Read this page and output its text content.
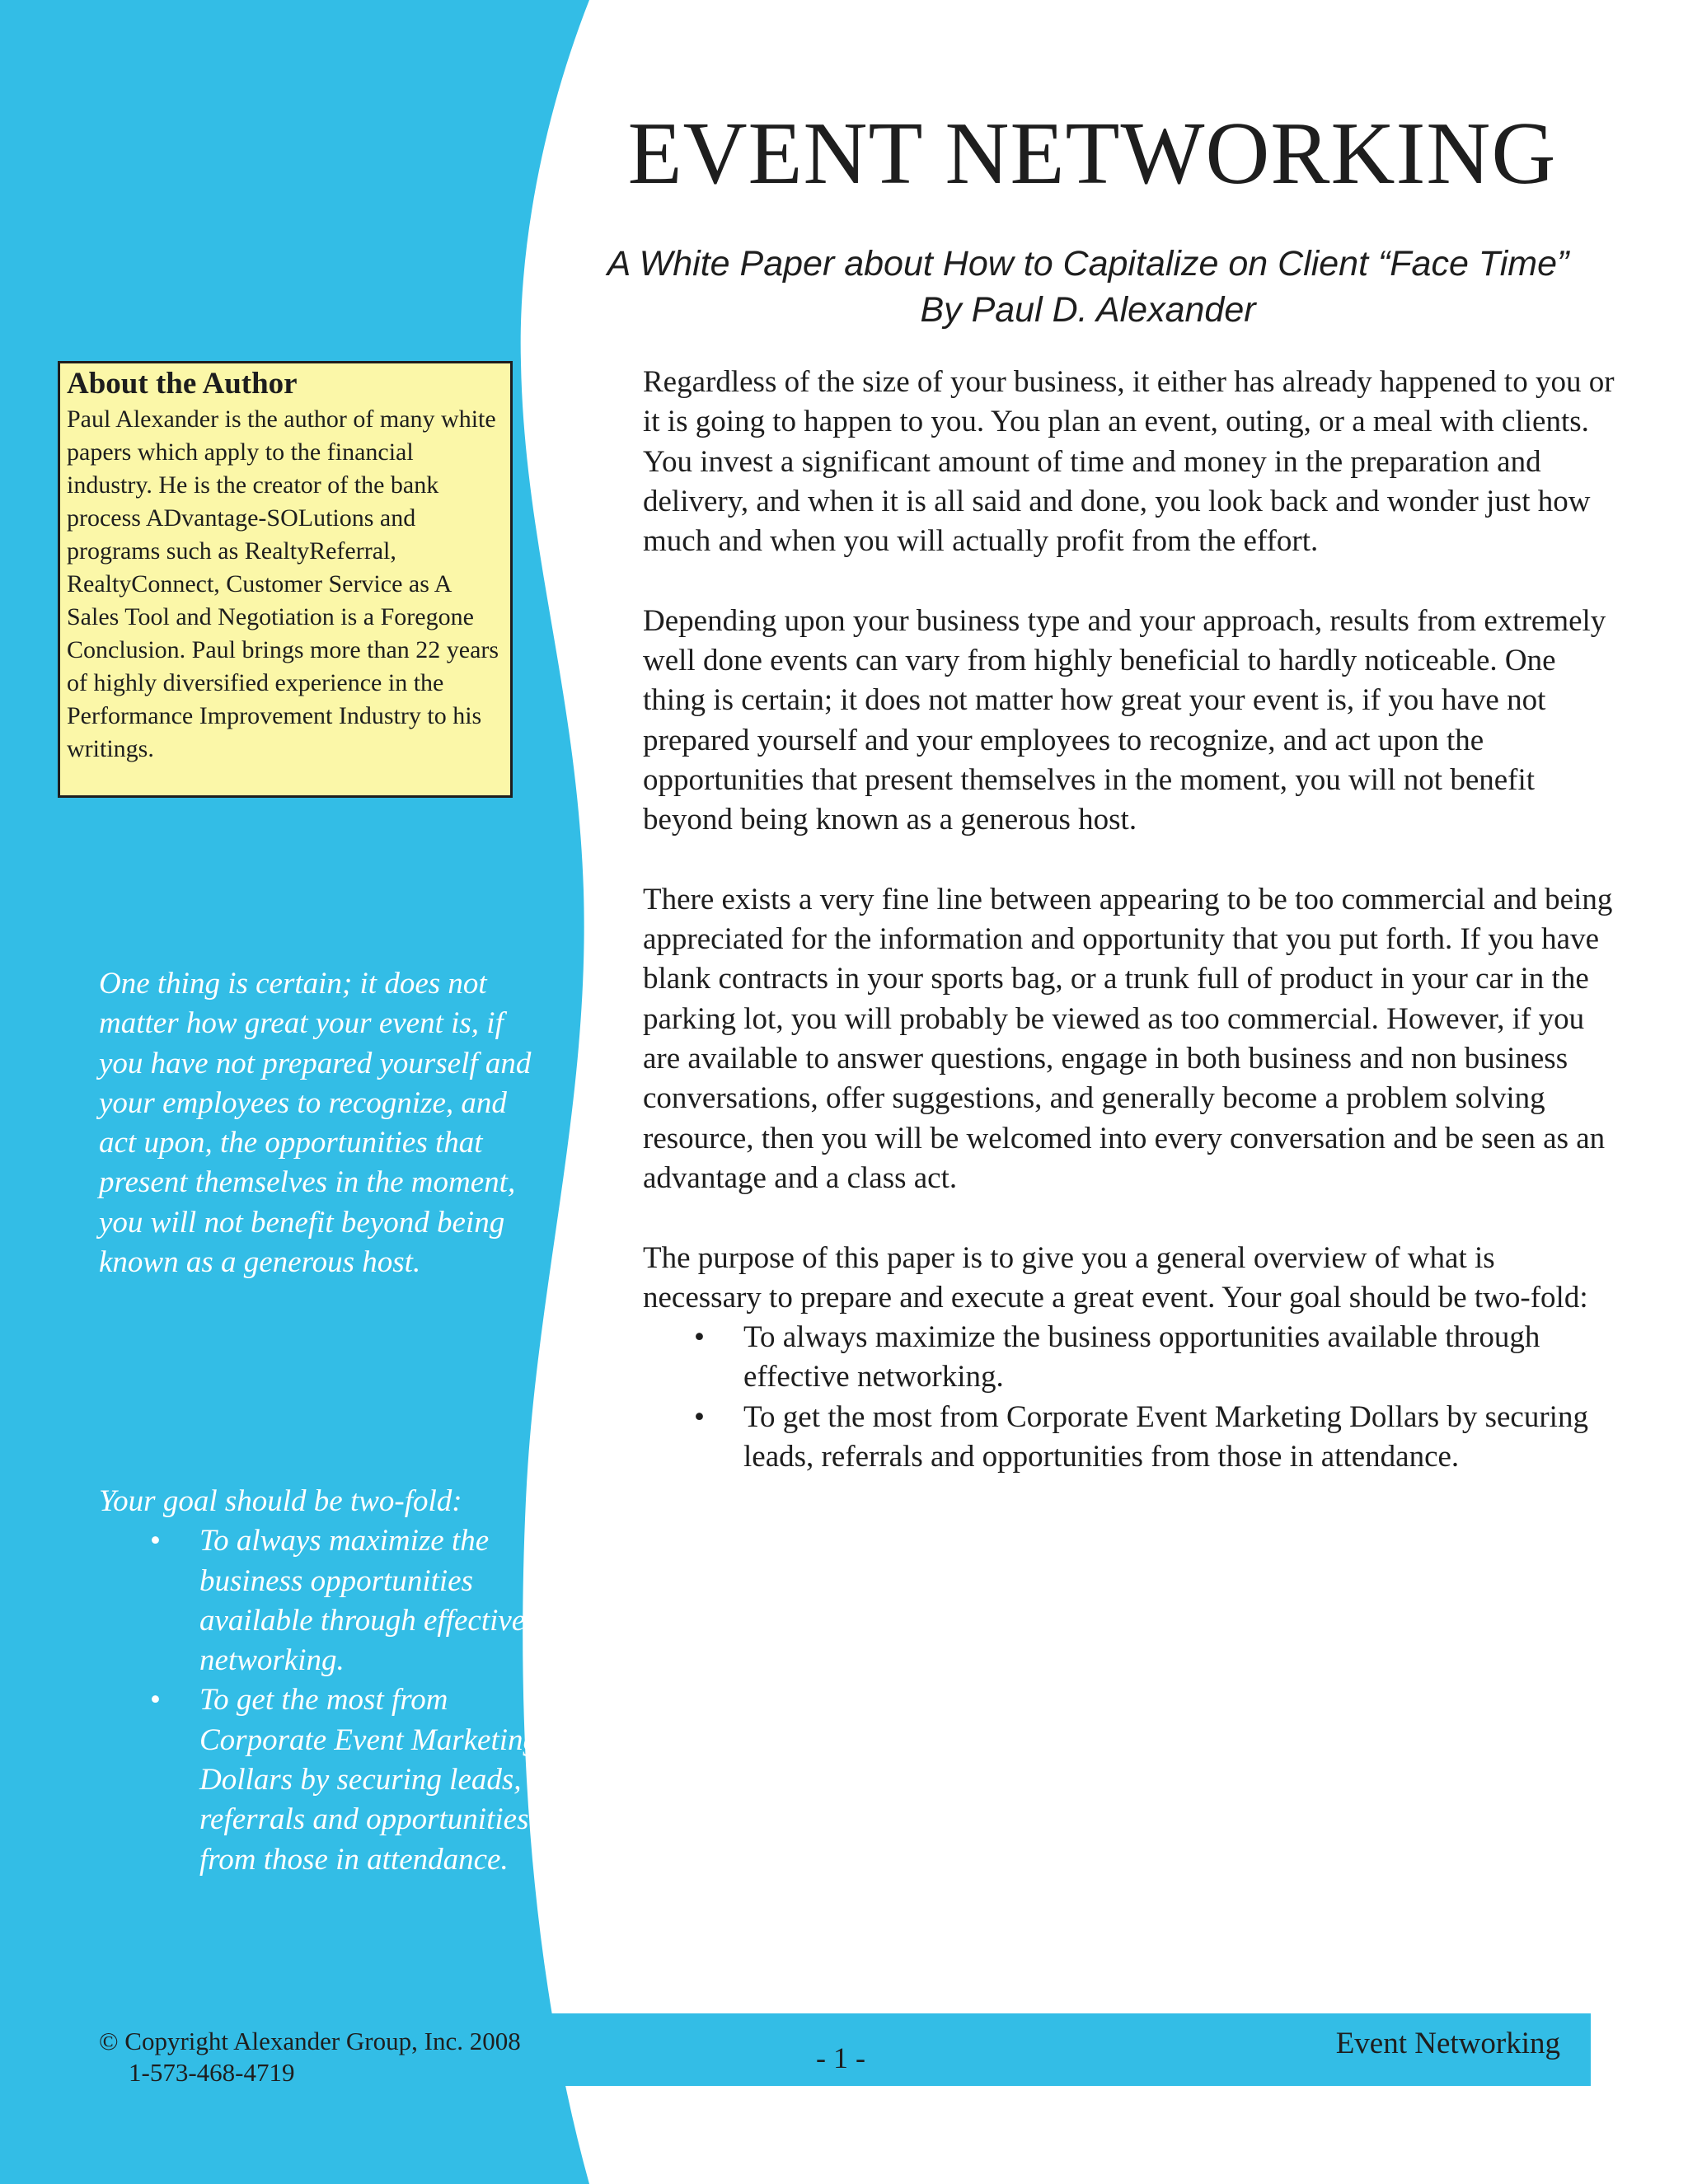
EVENT NETWORKING
A White Paper about How to Capitalize on Client “Face Time”
By Paul D. Alexander
About the Author
Paul Alexander is the author of many white papers which apply to the financial industry. He is the creator of the bank process ADvantage-SOLutions and programs such as RealtyReferral, RealtyConnect, Customer Service as A Sales Tool and Negotiation is a Foregone Conclusion. Paul brings more than 22 years of highly diversified experience in the Performance Improvement Industry to his writings.
One thing is certain; it does not matter how great your event is, if you have not prepared yourself and your employees to recognize, and act upon, the opportunities that present themselves in the moment, you will not benefit beyond being known as a generous host.
Your goal should be two-fold:
• To always maximize the business opportunities available through effective networking.
• To get the most from Corporate Event Marketing Dollars by securing leads, referrals and opportunities from those in attendance.

Regardless of the size of your business, it either has already happened to you or it is going to happen to you. You plan an event, outing, or a meal with clients. You invest a significant amount of time and money in the preparation and delivery, and when it is all said and done, you look back and wonder just how much and when you will actually profit from the effort.

Depending upon your business type and your approach, results from extremely well done events can vary from highly beneficial to hardly noticeable. One thing is certain; it does not matter how great your event is, if you have not prepared yourself and your employees to recognize, and act upon the opportunities that present themselves in the moment, you will not benefit beyond being known as a generous host.

There exists a very fine line between appearing to be too commercial and being appreciated for the information and opportunity that you put forth. If you have blank contracts in your sports bag, or a trunk full of product in your car in the parking lot, you will probably be viewed as too commercial. However, if you are available to answer questions, engage in both business and non business conversations, offer suggestions, and generally become a problem solving resource, then you will be welcomed into every conversation and be seen as an advantage and a class act.

The purpose of this paper is to give you a general overview of what is necessary to prepare and execute a great event. Your goal should be two-fold:

• To always maximize the business opportunities available through effective networking.
• To get the most from Corporate Event Marketing Dollars by securing leads, referrals and opportunities from those in attendance.
© Copyright Alexander Group, Inc. 2008
1-573-468-4719	- 1 -	Event Networking
